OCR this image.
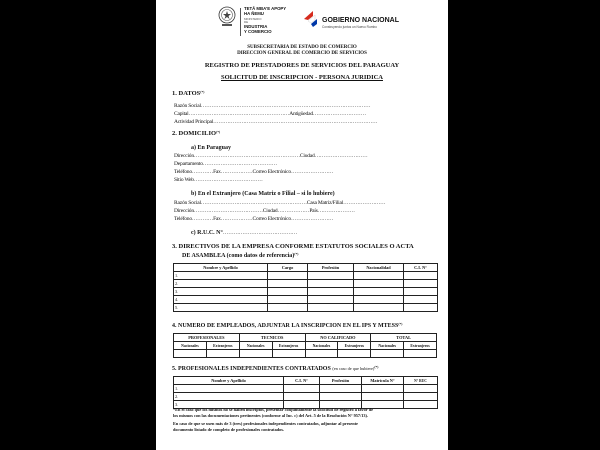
TETÃ MBA'E APOPY
HA ÑEMU
MINISTERIO
DE
INDUSTRIA
Y COMERCIO
GOBIERNO NACIONAL
Construyendo juntos un Nuevo Rumbo
SUBSECRETARIA DE ESTADO DE COMERCIO
DIRECCION GENERAL DE COMERCIO DE SERVICIOS
REGISTRO DE PRESTADORES DE SERVICIOS DEL PARAGUAY
SOLICITUD DE INSCRIPCION - PERSONA JURIDICA
1. DATOS(*)
Razón Social……………………………………………………………………………………
Capital…………………………………………………Antigüedad…………………………
Actividad Principal…………………………………………………………………………………
2. DOMICILIO(*)
a) En Paraguay
Dirección……………………………………………………Ciudad…………………………
Departamento……………………………………
Teléfono…………Fax………………Correo Electrónico……………………
Sitio Web…………………………………
b) En el Extranjero (Casa Matriz o Filial – si lo hubiere)
Razón Social……………………………………………………Casa Matriz/Filial……………………
Dirección…………………………………Ciudad………………País…………………
Teléfono…………Fax………………Correo Electrónico……………………
c) R.U.C. N°……………………………………
3. DIRECTIVOS DE LA EMPRESA CONFORME ESTATUTOS SOCIALES O ACTA
DE ASAMBLEA (como datos de referencia)(*)
Nombre y Apellido	Cargo	Profesión	Nacionalidad	C.I. N°
1.				
2.				
3.				
4.				
5.				
4. NUMERO DE EMPLEADOS, ADJUNTAR LA INSCRIPCION EN EL IPS Y MTESS(*)
PROFESIONALES		TECNICOS		NO CALIFICADO		TOTAL	
Nacionales	Extranjeros	Nacionales	Extranjeros	Nacionales	Extranjeros	Nacionales	Extranjeros

5. PROFESIONALES INDEPENDIENTES CONTRATADOS (en caso de que hubiere)(*)
Nombre y Apellido	C.I. N°	Profesión	Matrícula N°	N° RUC
1.				
2.				
3.				
*En el caso que los mismos no se hallen inscriptos, presentar conjuntamente la solicitud de registro a favor de
los mismos con las documentaciones pertinentes (conforme al Inc. c) del Art. 5 de la Resolución N° 957/13).
En caso de que se usen más de 3 (tres) profesionales independientes contratados, adjuntar al presente
documento listado de completo de profesionales contratados.
